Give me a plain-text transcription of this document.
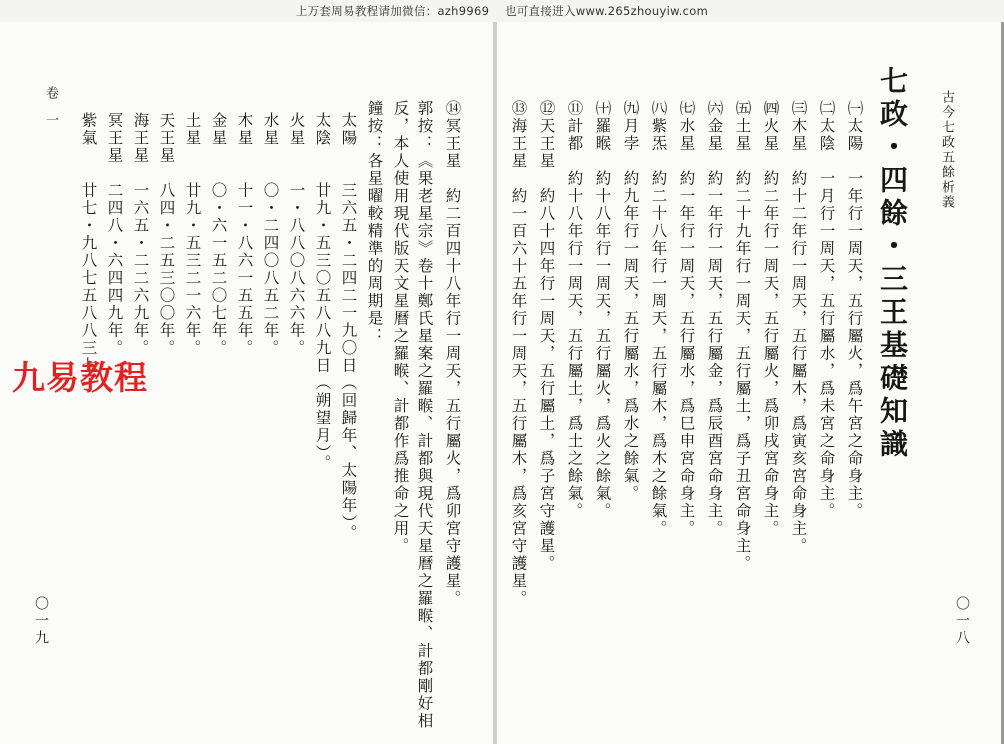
上万套周易教程请加微信：azh9969　 也可直接进入www.265zhouyiw.com
古今七政五餘析義
七政・四餘・三王基礎知識
㈠太陽　一年行一周天，五行屬火，爲午宮之命身主。
㈡太陰　一月行一周天，五行屬水，爲未宮之命身主。
㈢木星　約十二年行一周天，五行屬木，爲寅亥宮命身主。
㈣火星　約二年行一周天，五行屬火，爲卯戌宮命身主。
㈤土星　約二十九年行一周天，五行屬土，爲子丑宮命身主。
㈥金星　約一年行一周天，五行屬金，爲辰酉宮命身主。
㈦水星　約一年行一周天，五行屬水，爲巳申宮命身主。
㈧紫炁　約二十八年行一周天，五行屬木，爲木之餘氣。
㈨月孛　約九年行一周天，五行屬水，爲水之餘氣。
㈩羅睺　約十八年行一周天，五行屬火，爲火之餘氣。
⑪計都　約十八年行一周天，五行屬土，爲土之餘氣。
⑫天王星　約八十四年行一周天，五行屬土，爲子宮守護星。
⑬海王星　約一百六十五年行一周天，五行屬木，爲亥宮守護星。
〇一八
⑭冥王星　約二百四十八年行一周天，五行屬火，爲卯宮守護星。
郭按：《果老星宗》卷十鄭氏星案之羅睺、計都與現代天星曆之羅睺、計都剛好相
反，本人使用現代版天文星曆之羅睺、計都作爲推命之用。
鐘按：各星曜較精準的周期是：
太陽　　三六五・二四二一九〇日（回歸年、太陽年）。
太陰　　廿九・五三〇五八八九日（朔望月）。
火星　　一・八八〇八六六年。
水星　　〇・二四〇八五二年。
木星　　十一・八六一五五年。
金星　　〇・六一五二〇七年。
土星　　廿九・五三二一六年。
天王星　八四・二五三〇〇年。
海王星　一六五・二二六九年。
冥王星　二四八・六四四九年。
紫氣　　廿七・九八七五八八三七
卷一
〇一九
九易教程
